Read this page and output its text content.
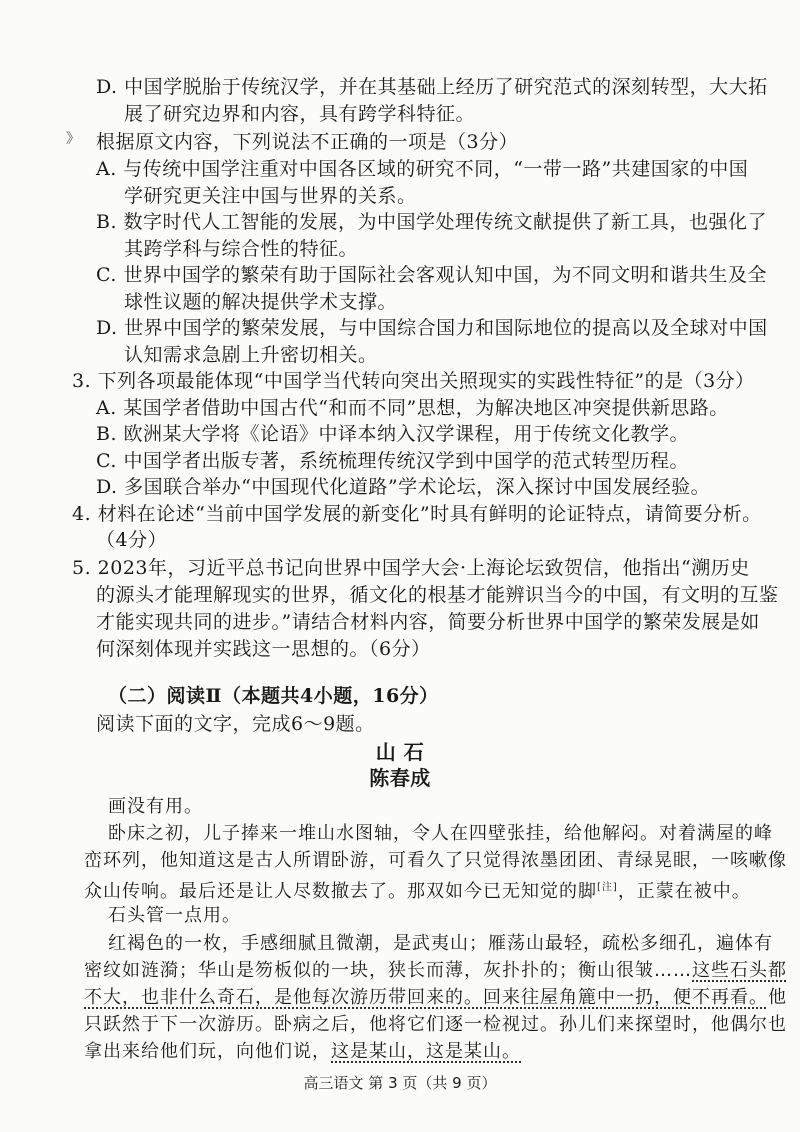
D. 中国学脱胎于传统汉学，并在其基础上经历了研究范式的深刻转型，大大拓
展了研究边界和内容，具有跨学科特征。
》 根据原文内容，下列说法不正确的一项是（3分）
A. 与传统中国学注重对中国各区域的研究不同，“一带一路”共建国家的中国
学研究更关注中国与世界的关系。
B. 数字时代人工智能的发展，为中国学处理传统文献提供了新工具，也强化了
其跨学科与综合性的特征。
C. 世界中国学的繁荣有助于国际社会客观认知中国，为不同文明和谐共生及全
球性议题的解决提供学术支撑。
D. 世界中国学的繁荣发展，与中国综合国力和国际地位的提高以及全球对中国
认知需求急剧上升密切相关。
3. 下列各项最能体现“中国学当代转向突出关照现实的实践性特征”的是（3分）
A. 某国学者借助中国古代“和而不同”思想，为解决地区冲突提供新思路。
B. 欧洲某大学将《论语》中译本纳入汉学课程，用于传统文化教学。
C. 中国学者出版专著，系统梳理传统汉学到中国学的范式转型历程。
D. 多国联合举办“中国现代化道路”学术论坛，深入探讨中国发展经验。
4. 材料在论述“当前中国学发展的新变化”时具有鲜明的论证特点，请简要分析。
（4分）
5. 2023年，习近平总书记向世界中国学大会·上海论坛致贺信，他指出“溯历史
的源头才能理解现实的世界，循文化的根基才能辨识当今的中国，有文明的互鉴
才能实现共同的进步。”请结合材料内容，简要分析世界中国学的繁荣发展是如
何深刻体现并实践这一思想的。（6分）
（二）阅读Ⅱ（本题共4小题，16分）
阅读下面的文字，完成6～9题。
山 石
陈春成
画没有用。
卧床之初，儿子捧来一堆山水图轴，令人在四壁张挂，给他解闷。对着满屋的峰
峦环列，他知道这是古人所谓卧游，可看久了只觉得浓墨团团、青绿晃眼，一咳嗽像
众山传响。最后还是让人尽数撤去了。那双如今已无知觉的脚[注]，正蒙在被中。
石头管一点用。
红褐色的一枚，手感细腻且微潮，是武夷山；雁荡山最轻，疏松多细孔，遍体有
密纹如涟漪；华山是笏板似的一块，狭长而薄，灰扑扑的；衡山很皱……这些石头都
不大，也非什么奇石，是他每次游历带回来的。回来往屋角簏中一扔，便不再看。他
只跃然于下一次游历。卧病之后，他将它们逐一检视过。孙儿们来探望时，他偶尔也
拿出来给他们玩，向他们说，这是某山，这是某山。
高三语文 第 3 页（共 9 页）
